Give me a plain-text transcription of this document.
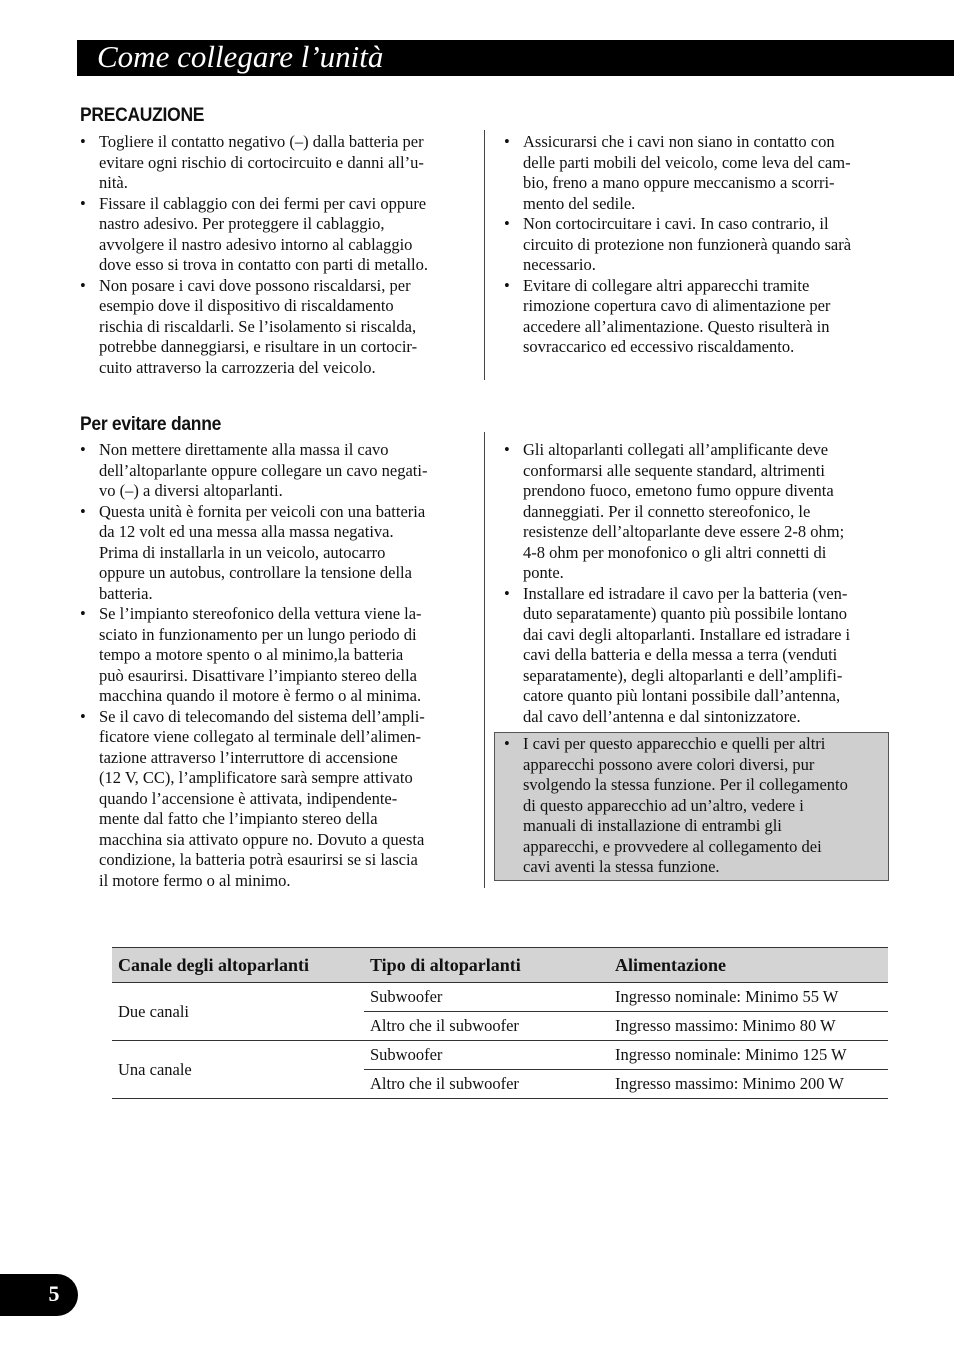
Come collegare l’unità
PRECAUZIONE
• Togliere il contatto negativo (–) dalla batteria per
evitare ogni rischio di cortocircuito e danni all’u-
nità.
• Fissare il cablaggio con dei fermi per cavi oppure
nastro adesivo. Per proteggere il cablaggio,
avvolgere il nastro adesivo intorno al cablaggio
dove esso si trova in contatto con parti di metallo.
• Non posare i cavi dove possono riscaldarsi, per
esempio dove il dispositivo di riscaldamento
rischia di riscaldarli. Se l’isolamento si riscalda,
potrebbe danneggiarsi, e risultare in un cortocir-
cuito attraverso la carrozzeria del veicolo.
• Assicurarsi che i cavi non siano in contatto con
delle parti mobili del veicolo, come leva del cam-
bio, freno a mano oppure meccanismo a scorri-
mento del sedile.
• Non cortocircuitare i cavi. In caso contrario, il
circuito di protezione non funzionerà quando sarà
necessario.
• Evitare di collegare altri apparecchi tramite
rimozione copertura cavo di alimentazione per
accedere all’alimentazione. Questo risulterà in
sovraccarico ed eccessivo riscaldamento.
Per evitare danne
• Non mettere direttamente alla massa il cavo
dell’altoparlante oppure collegare un cavo negati-
vo (–) a diversi altoparlanti.
• Questa unità è fornita per veicoli con una batteria
da 12 volt ed una messa alla massa negativa.
Prima di installarla in un veicolo, autocarro
oppure un autobus, controllare la tensione della
batteria.
• Se l’impianto stereofonico della vettura viene la-
sciato in funzionamento per un lungo periodo di
tempo a motore spento o al minimo,la batteria
può esaurirsi. Disattivare l’impianto stereo della
macchina quando il motore è fermo o al minima.
• Se il cavo di telecomando del sistema dell’ampli-
ficatore viene collegato al terminale dell’alimen-
tazione attraverso l’interruttore di accensione
(12 V, CC), l’amplificatore sarà sempre attivato
quando l’accensione è attivata, indipendente-
mente dal fatto che l’impianto stereo della
macchina sia attivato oppure no. Dovuto a questa
condizione, la batteria potrà esaurirsi se si lascia
il motore fermo o al minimo.
• Gli altoparlanti collegati all’amplificante deve
conformarsi alle sequente standard, altrimenti
prendono fuoco, emetono fumo oppure diventa
danneggiati. Per il connetto stereofonico, le
resistenze dell’altoparlante deve essere 2-8 ohm;
4-8 ohm per monofonico o gli altri connetti di
ponte.
• Installare ed istradare il cavo per la batteria (ven-
duto separatamente) quanto più possibile lontano
dai cavi degli altoparlanti. Installare ed istradare i
cavi della batteria e della messa a terra (venduti
separatamente), degli altoparlanti e dell’amplifi-
catore quanto più lontani possibile dall’antenna,
dal cavo dell’antenna e dal sintonizzatore.
• I cavi per questo apparecchio e quelli per altri
apparecchi possono avere colori diversi, pur
svolgendo la stessa funzione. Per il collegamento
di questo apparecchio ad un’altro, vedere i
manuali di installazione di entrambi gli
apparecchi, e provvedere al collegamento dei
cavi aventi la stessa funzione.
Canale degli altoparlanti	Tipo di altoparlanti	Alimentazione
Due canali	Subwoofer	Ingresso nominale: Minimo 55 W
	Altro che il subwoofer	Ingresso massimo: Minimo 80 W
Una canale	Subwoofer	Ingresso nominale: Minimo 125 W
	Altro che il subwoofer	Ingresso massimo: Minimo 200 W
5
